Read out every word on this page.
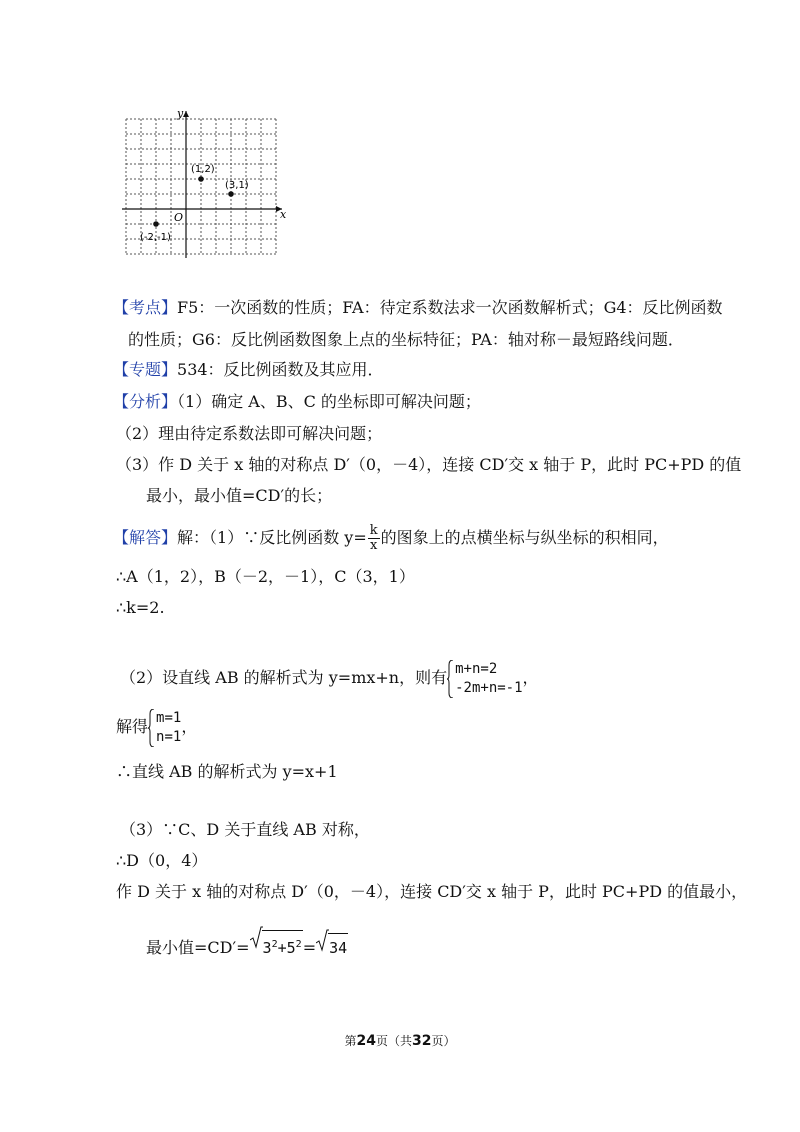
x
y
O
(1,2)
(3,1)
(-2,-1)
【考点】F5：一次函数的性质；FA：待定系数法求一次函数解析式；G4：反比例函数
的性质；G6：反比例函数图象上点的坐标特征；PA：轴对称－最短路线问题．
【专题】534：反比例函数及其应用．
【分析】（1）确定 A、B、C 的坐标即可解决问题；
（2）理由待定系数法即可解决问题；
（3）作 D 关于 x 轴的对称点 D′（0，－4），连接 CD′交 x 轴于 P，此时 PC+PD 的值
最小，最小值=CD′的长；
【解答】解：（1）∵反比例函数 $y= \frac{k}{x}$ 的图象上的点横坐标与纵坐标的积相同，
∴A（1，2），B（－2，－1），C（3，1）
∴k=2.
（2）设直线 AB 的解析式为 y=mx+n，则有 m+n=2
-2m+n=-1
，
解得 m=1
n=1
，
∴直线 AB 的解析式为 y=x+1
（3）∵C、D 关于直线 AB 对称，
∴D（0，4）
作 D 关于 x 轴的对称点 D′（0，－4），连接 CD′交 x 轴于 P，此时 PC+PD 的值最小，
最小值$=CD'= 3^2+5^2= 34$
第24页（共32页）
